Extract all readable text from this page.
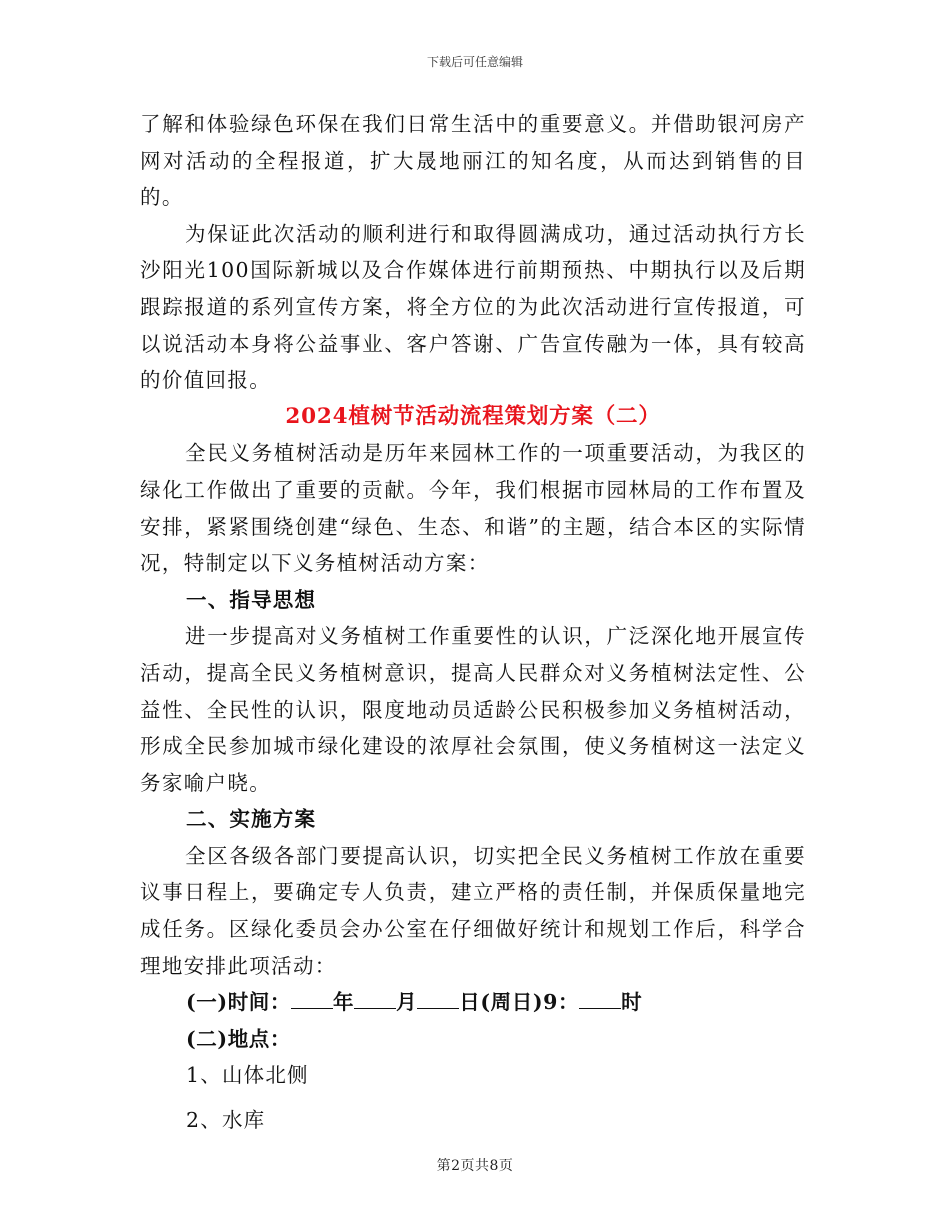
下载后可任意编辑

了解和体验绿色环保在我们日常生活中的重要意义。并借助银河房产网对活动的全程报道，扩大晟地丽江的知名度，从而达到销售的目的。

为保证此次活动的顺利进行和取得圆满成功，通过活动执行方长沙阳光100国际新城以及合作媒体进行前期预热、中期执行以及后期跟踪报道的系列宣传方案，将全方位的为此次活动进行宣传报道，可以说活动本身将公益事业、客户答谢、广告宣传融为一体，具有较高的价值回报。

2024植树节活动流程策划方案（二）

全民义务植树活动是历年来园林工作的一项重要活动，为我区的绿化工作做出了重要的贡献。今年，我们根据市园林局的工作布置及安排，紧紧围绕创建“绿色、生态、和谐”的主题，结合本区的实际情况，特制定以下义务植树活动方案：

一、指导思想

进一步提高对义务植树工作重要性的认识，广泛深化地开展宣传活动，提高全民义务植树意识，提高人民群众对义务植树法定性、公益性、全民性的认识，限度地动员适龄公民积极参加义务植树活动，形成全民参加城市绿化建设的浓厚社会氛围，使义务植树这一法定义务家喻户晓。

二、实施方案

全区各级各部门要提高认识，切实把全民义务植树工作放在重要议事日程上，要确定专人负责，建立严格的责任制，并保质保量地完成任务。区绿化委员会办公室在仔细做好统计和规划工作后，科学合理地安排此项活动：

(一)时间： 年 月 日(周日)9： 时

(二)地点：

1、山体北侧

2、水库

第2页共8页
